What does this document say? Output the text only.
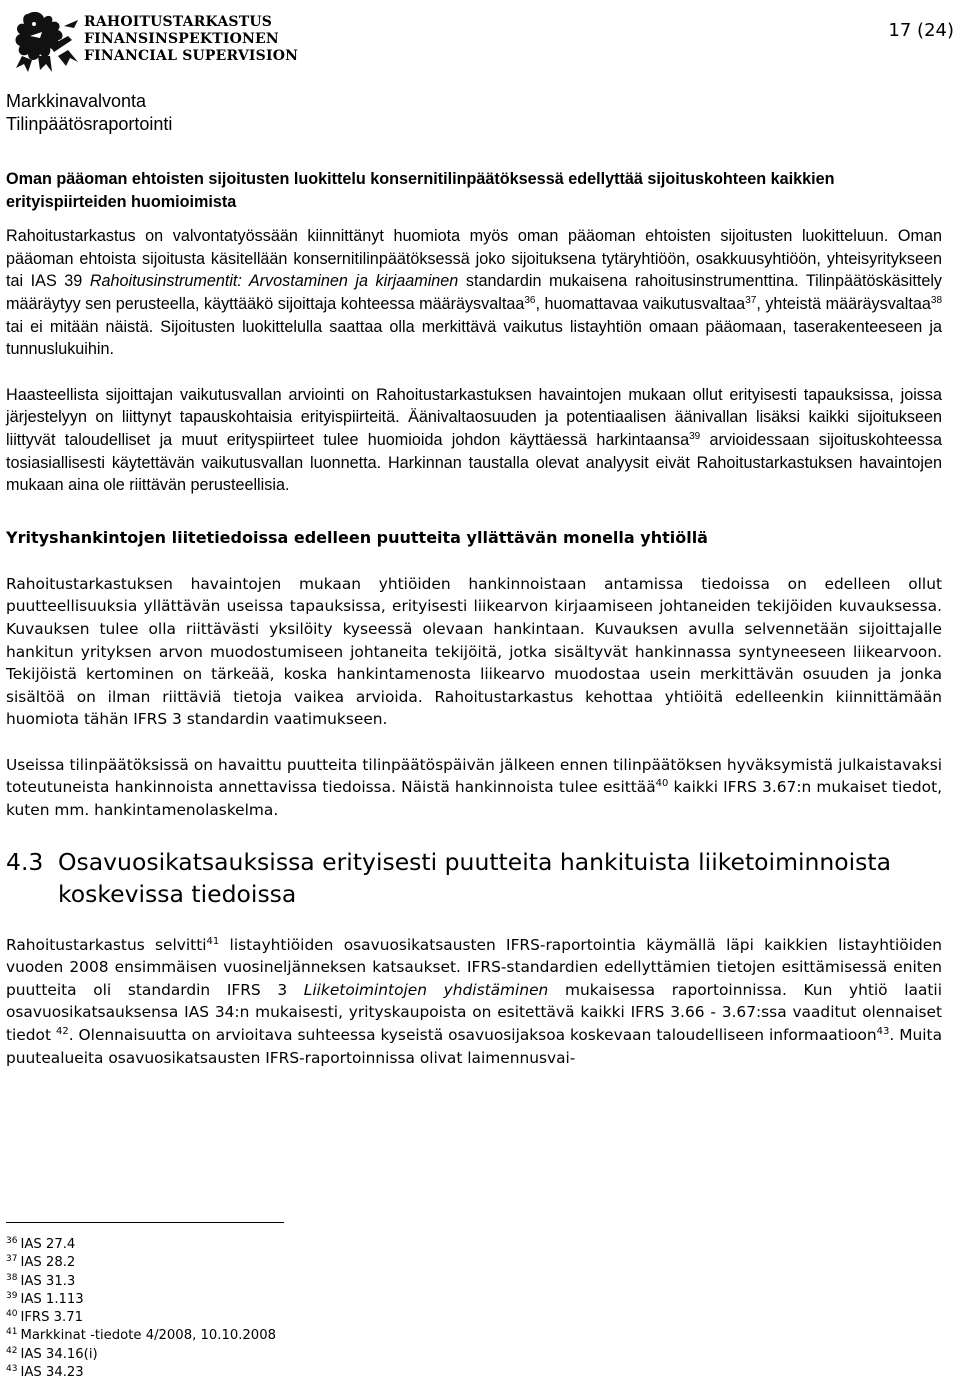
RAHOITUSTARKASTUS
FINANSINSPEKTIONEN
FINANCIAL SUPERVISION
17 (24)
Markkinavalvonta
Tilinpäätösraportointi
Oman pääoman ehtoisten sijoitusten luokittelu konsernitilinpäätöksessä edellyttää sijoituskohteen kaikkien erityispiirteiden huomioimista

Rahoitustarkastus on valvontatyössään kiinnittänyt huomiota myös oman pääoman ehtoisten sijoitusten luokitteluun. Oman pääoman ehtoista sijoitusta käsitellään konsernitilinpäätöksessä joko sijoituksena tytäryhtiöön, osakkuusyhtiöön, yhteisyritykseen tai IAS 39 Rahoitusinstrumentit: Arvostaminen ja kirjaaminen standardin mukaisena rahoitusinstrumenttina. Tilinpäätöskäsittely määräytyy sen perusteella, käyttääkö sijoittaja kohteessa määräysvaltaa$^{36}$, huomattavaa vaikutusvaltaa$^{37}$, yhteistä määräysvaltaa$^{38}$ tai ei mitään näistä. Sijoitusten luokittelulla saattaa olla merkittävä vaikutus listayhtiön omaan pääomaan, taserakenteeseen ja tunnuslukuihin.

Haasteellista sijoittajan vaikutusvallan arviointi on Rahoitustarkastuksen havaintojen mukaan ollut erityisesti tapauksissa, joissa järjestelyyn on liittynyt tapauskohtaisia erityispiirteitä. Äänivaltaosuuden ja potentiaalisen äänivallan lisäksi kaikki sijoitukseen liittyvät taloudelliset ja muut erityspiirteet tulee huomioida johdon käyttäessä harkintaansa$^{39}$ arvioidessaan sijoituskohteessa tosiasiallisesti käytettävän vaikutusvallan luonnetta. Harkinnan taustalla olevat analyysit eivät Rahoitustarkastuksen havaintojen mukaan aina ole riittävän perusteellisia.

Yrityshankintojen liitetiedoissa edelleen puutteita yllättävän monella yhtiöllä

Rahoitustarkastuksen havaintojen mukaan yhtiöiden hankinnoistaan antamissa tiedoissa on edelleen ollut puutteellisuuksia yllättävän useissa tapauksissa, erityisesti liikearvon kirjaamiseen johtaneiden tekijöiden kuvauksessa. Kuvauksen tulee olla riittävästi yksilöity kyseessä olevaan hankintaan. Kuvauksen avulla selvennetään sijoittajalle hankitun yrityksen arvon muodostumiseen johtaneita tekijöitä, jotka sisältyvät hankinnassa syntyneeseen liikearvoon. Tekijöistä kertominen on tärkeää, koska hankintamenosta liikearvo muodostaa usein merkittävän osuuden ja jonka sisältöä on ilman riittäviä tietoja vaikea arvioida. Rahoitustarkastus kehottaa yhtiöitä edelleenkin kiinnittämään huomiota tähän IFRS 3 standardin vaatimukseen.

Useissa tilinpäätöksissä on havaittu puutteita tilinpäätöspäivän jälkeen ennen tilinpäätöksen hyväksymistä julkaistavaksi toteutuneista hankinnoista annettavissa tiedoissa. Näistä hankinnoista tulee esittää$^{40}$ kaikki IFRS 3.67:n mukaiset tiedot, kuten mm. hankintamenolaskelma.

4.3 Osavuosikatsauksissa erityisesti puutteita hankituista liiketoiminnoista koskevissa tiedoissa

Rahoitustarkastus selvitti$^{41}$ listayhtiöiden osavuosikatsausten IFRS-raportointia käymällä läpi kaikkien listayhtiöiden vuoden 2008 ensimmäisen vuosineljänneksen katsaukset. IFRS-standardien edellyttämien tietojen esittämisessä eniten puutteita oli standardin IFRS 3 Liiketoimintojen yhdistäminen mukaisessa raportoinnissa. Kun yhtiö laatii osavuosikatsauksensa IAS 34:n mukaisesti, yrityskaupoista on esitettävä kaikki IFRS 3.66 - 3.67:ssa vaaditut olennaiset tiedot $^{42}$. Olennaisuutta on arvioitava suhteessa kyseistä osavuosijaksoa koskevaan taloudelliseen informaatioon$^{43}$. Muita puutealueita osavuosikatsausten IFRS-raportoinnissa olivat laimennusvai-

$^{36}$ IAS 27.4
$^{37}$ IAS 28.2
$^{38}$ IAS 31.3
$^{39}$ IAS 1.113
$^{40}$ IFRS 3.71
$^{41}$ Markkinat -tiedote 4/2008, 10.10.2008
$^{42}$ IAS 34.16(i)
$^{43}$ IAS 34.23
